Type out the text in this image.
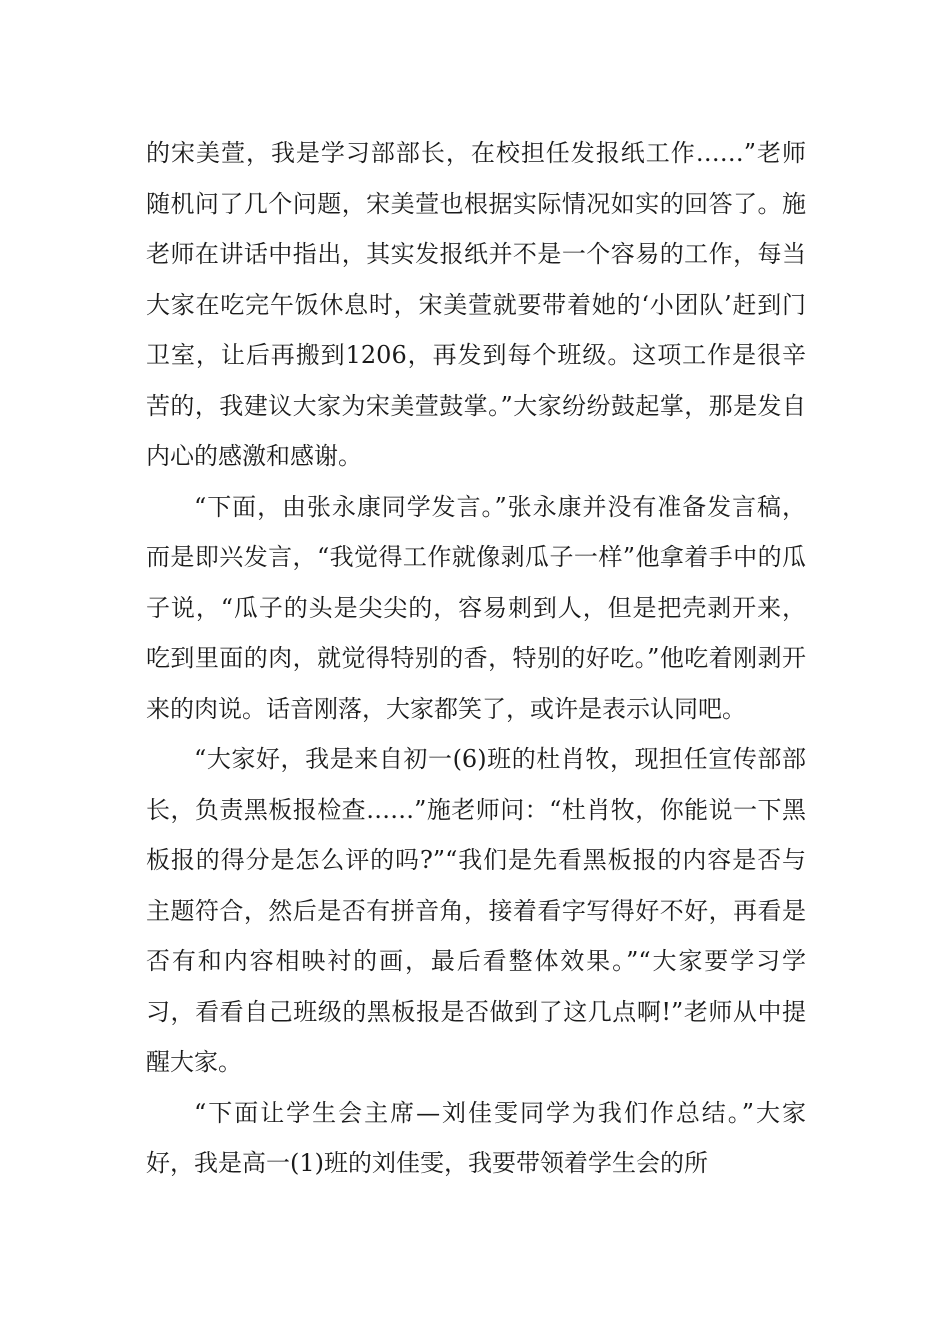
的宋美萱，我是学习部部长，在校担任发报纸工作……”老师随机问了几个问题，宋美萱也根据实际情况如实的回答了。施老师在讲话中指出，其实发报纸并不是一个容易的工作，每当大家在吃完午饭休息时，宋美萱就要带着她的‘小团队’赶到门卫室，让后再搬到1206，再发到每个班级。这项工作是很辛苦的，我建议大家为宋美萱鼓掌。”大家纷纷鼓起掌，那是发自内心的感激和感谢。

“下面，由张永康同学发言。”张永康并没有准备发言稿，而是即兴发言，“我觉得工作就像剥瓜子一样”他拿着手中的瓜子说，“瓜子的头是尖尖的，容易刺到人，但是把壳剥开来，吃到里面的肉，就觉得特别的香，特别的好吃。”他吃着刚剥开来的肉说。话音刚落，大家都笑了，或许是表示认同吧。

“大家好，我是来自初一(6)班的杜肖牧，现担任宣传部部长，负责黑板报检查……”施老师问：“杜肖牧，你能说一下黑板报的得分是怎么评的吗?”“我们是先看黑板报的内容是否与主题符合，然后是否有拼音角，接着看字写得好不好，再看是否有和内容相映衬的画，最后看整体效果。”“大家要学习学习，看看自己班级的黑板报是否做到了这几点啊!”老师从中提醒大家。

“下面让学生会主席—刘佳雯同学为我们作总结。”大家好，我是高一(1)班的刘佳雯，我要带领着学生会的所
